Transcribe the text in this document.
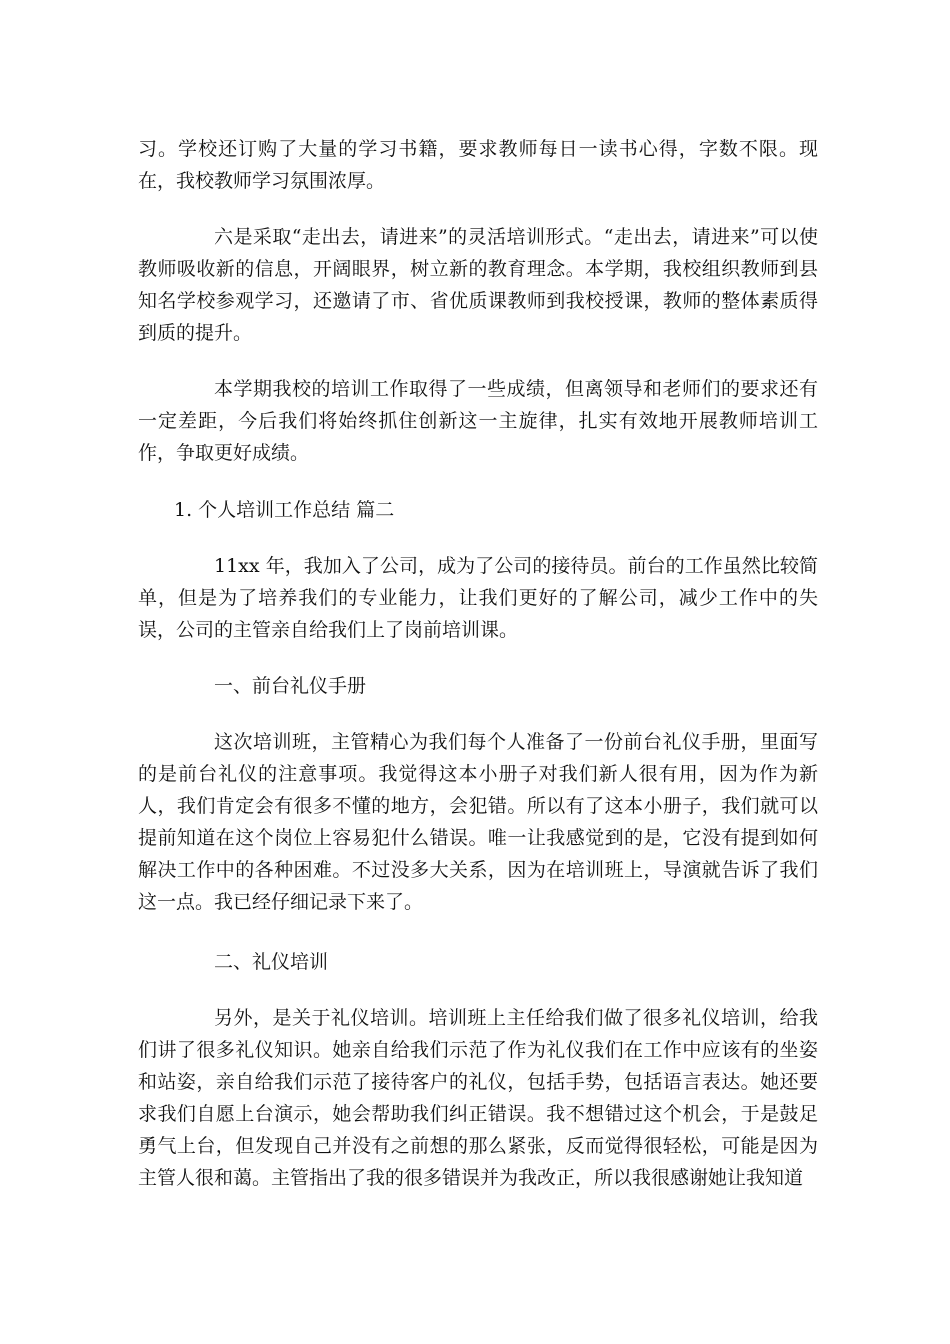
习。学校还订购了大量的学习书籍，要求教师每日一读书心得，字数不限。现在，我校教师学习氛围浓厚。

六是采取“走出去，请进来”的灵活培训形式。“走出去，请进来”可以使教师吸收新的信息，开阔眼界，树立新的教育理念。本学期，我校组织教师到县知名学校参观学习，还邀请了市、省优质课教师到我校授课，教师的整体素质得到质的提升。

本学期我校的培训工作取得了一些成绩，但离领导和老师们的要求还有一定差距，今后我们将始终抓住创新这一主旋律，扎实有效地开展教师培训工作，争取更好成绩。

1. 个人培训工作总结 篇二

11xx 年，我加入了公司，成为了公司的接待员。前台的工作虽然比较简单，但是为了培养我们的专业能力，让我们更好的了解公司，减少工作中的失误，公司的主管亲自给我们上了岗前培训课。

一、前台礼仪手册

这次培训班，主管精心为我们每个人准备了一份前台礼仪手册，里面写的是前台礼仪的注意事项。我觉得这本小册子对我们新人很有用，因为作为新人，我们肯定会有很多不懂的地方，会犯错。所以有了这本小册子，我们就可以提前知道在这个岗位上容易犯什么错误。唯一让我感觉到的是，它没有提到如何解决工作中的各种困难。不过没多大关系，因为在培训班上，导演就告诉了我们这一点。我已经仔细记录下来了。

二、礼仪培训

另外，是关于礼仪培训。培训班上主任给我们做了很多礼仪培训，给我们讲了很多礼仪知识。她亲自给我们示范了作为礼仪我们在工作中应该有的坐姿和站姿，亲自给我们示范了接待客户的礼仪，包括手势，包括语言表达。她还要求我们自愿上台演示，她会帮助我们纠正错误。我不想错过这个机会，于是鼓足勇气上台，但发现自己并没有之前想的那么紧张，反而觉得很轻松，可能是因为主管人很和蔼。主管指出了我的很多错误并为我改正，所以我很感谢她让我知道
